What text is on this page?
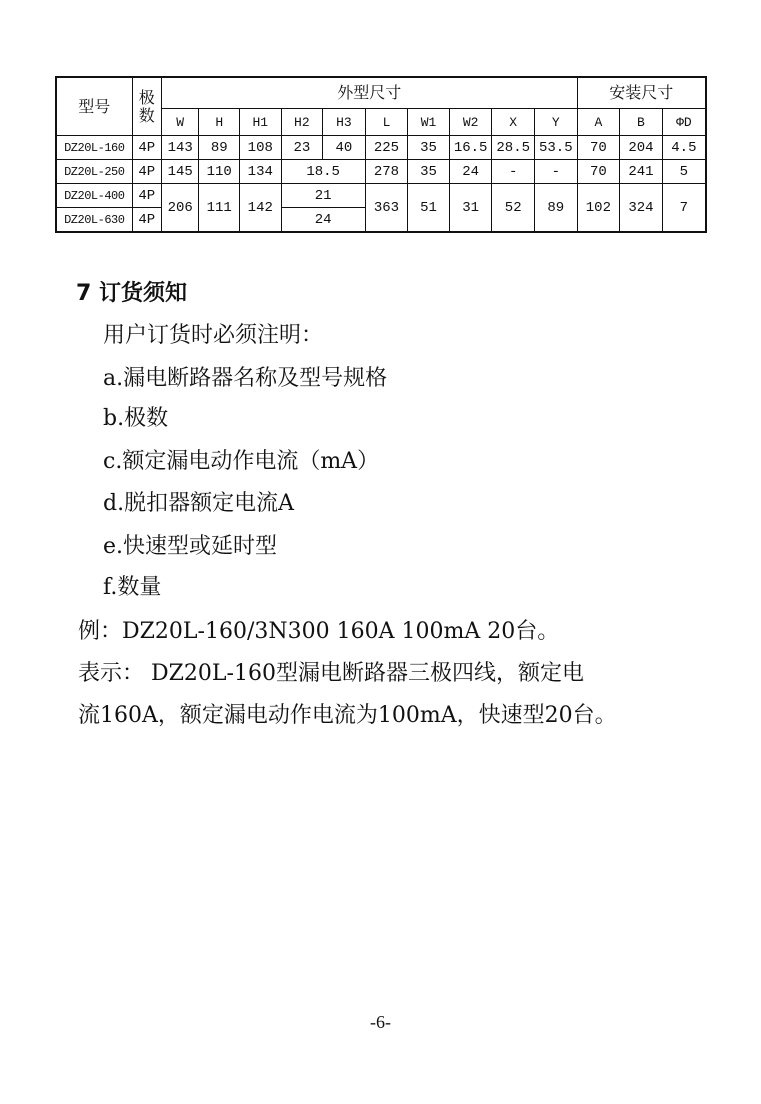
型号	极数	外型尺寸										安装尺寸		
		W	H	H1	H2	H3	L	W1	W2	X	Y	A	B	ΦD
DZ20L-160	4P	143	89	108	23	40	225	35	16.5	28.5	53.5	70	204	4.5
DZ20L-250	4P	145	110	134	18.5		278	35	24	-	-	70	241	5
DZ20L-400	4P	206	111	142	21		363	51	31	52	89	102	324	7
DZ20L-630	4P				24									
7 订货须知
用户订货时必须注明：
a.漏电断路器名称及型号规格
b.极数
c.额定漏电动作电流（mA）
d.脱扣器额定电流A
e.快速型或延时型
f.数量
例：DZ20L-160/3N300 160A 100mA 20台。
表示： DZ20L-160型漏电断路器三极四线，额定电
流160A，额定漏电动作电流为100mA，快速型20台。
-6-
